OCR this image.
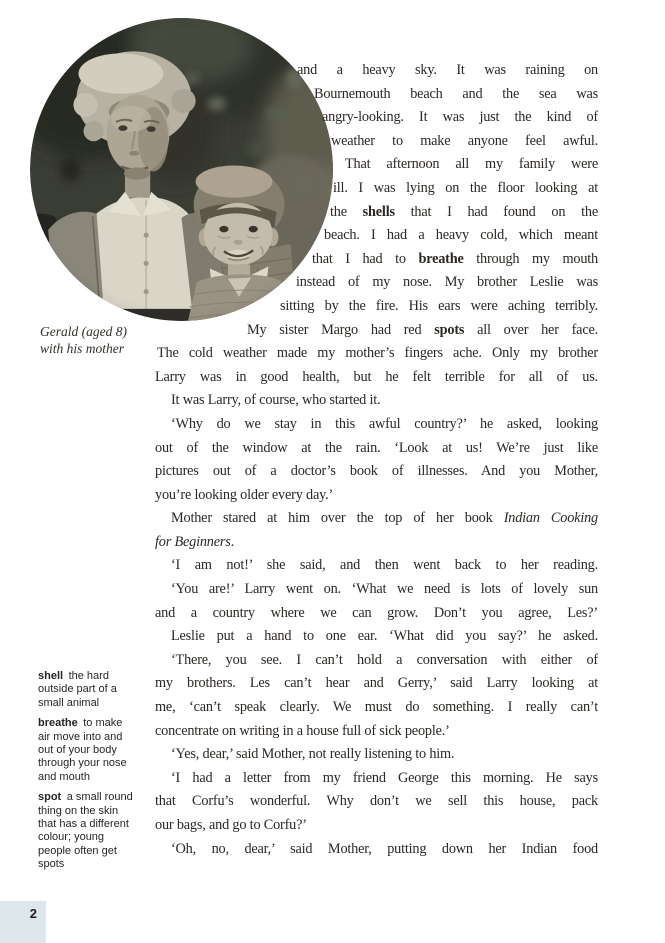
Gerald (aged 8)
with his mother
and a heavy sky. It was raining on
Bournemouth beach and the sea was
angry-looking. It was just the kind of
weather to make anyone feel awful.
That afternoon all my family were
ill. I was lying on the floor looking at
the shells that I had found on the
beach. I had a heavy cold, which meant
that I had to breathe through my mouth
instead of my nose. My brother Leslie was
sitting by the fire. His ears were aching terribly.
My sister Margo had red spots all over her face.
The cold weather made my mother’s fingers ache. Only my brother
Larry was in good health, but he felt terrible for all of us.
It was Larry, of course, who started it.
‘Why do we stay in this awful country?’ he asked, looking
out of the window at the rain. ‘Look at us! We’re just like
pictures out of a doctor’s book of illnesses. And you Mother,
you’re looking older every day.’
Mother stared at him over the top of her book Indian Cooking
for Beginners.
‘I am not!’ she said, and then went back to her reading.
‘You are!’ Larry went on. ‘What we need is lots of lovely sun
and a country where we can grow. Don’t you agree, Les?’
Leslie put a hand to one ear. ‘What did you say?’ he asked.
‘There, you see. I can’t hold a conversation with either of
my brothers. Les can’t hear and Gerry,’ said Larry looking at
me, ‘can’t speak clearly. We must do something. I really can’t
concentrate on writing in a house full of sick people.’
‘Yes, dear,’ said Mother, not really listening to him.
‘I had a letter from my friend George this morning. He says
that Corfu’s wonderful. Why don’t we sell this house, pack
our bags, and go to Corfu?’
‘Oh, no, dear,’ said Mother, putting down her Indian food
shell the hard outside part of a small animal
breathe to make air move into and out of your body through your nose and mouth
spot a small round thing on the skin that has a different colour; young people often get spots
2
